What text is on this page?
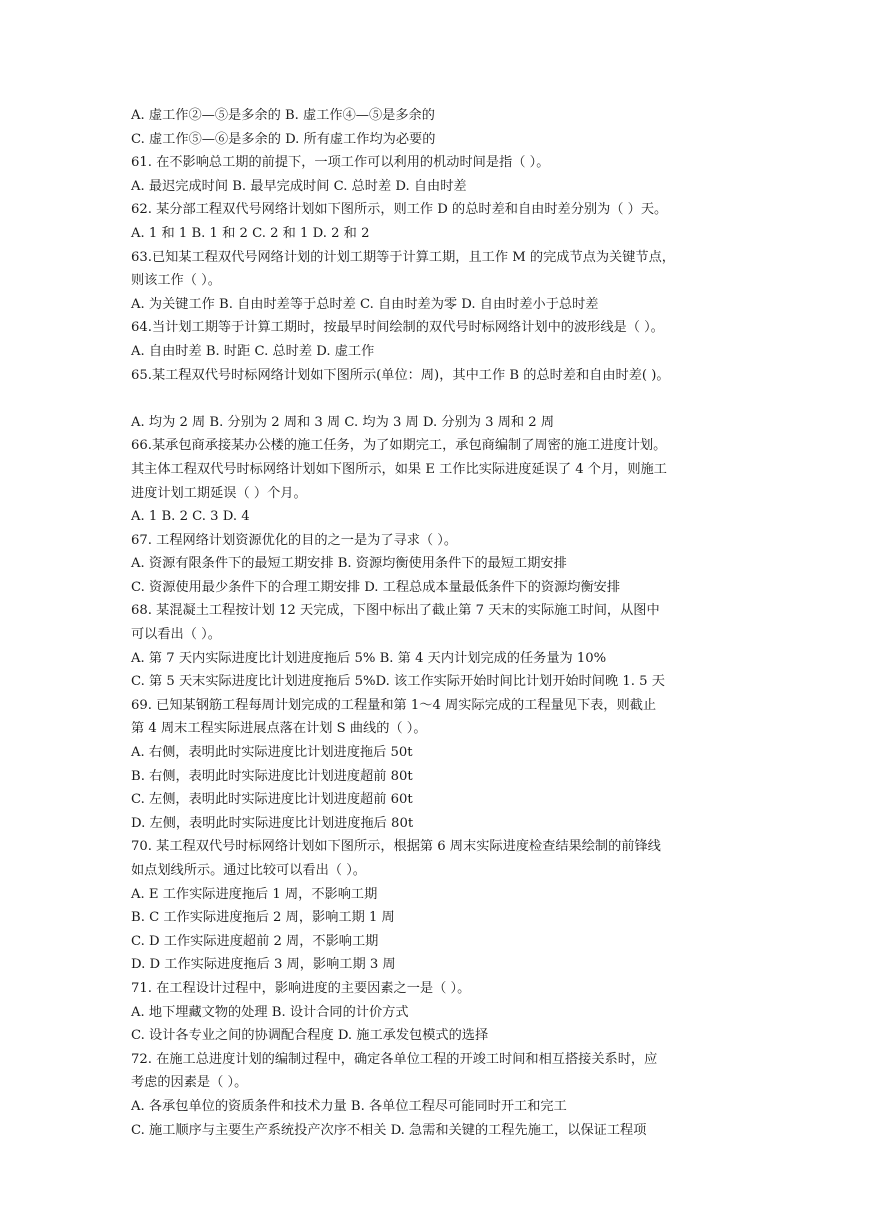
A. 虚工作②—⑤是多余的 B. 虚工作④—⑤是多余的
C. 虚工作⑤—⑥是多余的 D. 所有虚工作均为必要的
61. 在不影响总工期的前提下，一项工作可以利用的机动时间是指（ ）。
A. 最迟完成时间 B. 最早完成时间 C. 总时差 D. 自由时差
62. 某分部工程双代号网络计划如下图所示，则工作 D 的总时差和自由时差分别为（ ）天。
A. 1 和 1 B. 1 和 2 C. 2 和 1 D. 2 和 2
63.已知某工程双代号网络计划的计划工期等于计算工期，且工作 M 的完成节点为关键节点，
则该工作（ ）。
A. 为关键工作 B. 自由时差等于总时差 C. 自由时差为零 D. 自由时差小于总时差
64.当计划工期等于计算工期时，按最早时间绘制的双代号时标网络计划中的波形线是（ ）。
A. 自由时差 B. 时距 C. 总时差 D. 虚工作
65.某工程双代号时标网络计划如下图所示(单位：周)，其中工作 B 的总时差和自由时差( )。
A. 均为 2 周 B. 分别为 2 周和 3 周 C. 均为 3 周 D. 分别为 3 周和 2 周
66.某承包商承接某办公楼的施工任务，为了如期完工，承包商编制了周密的施工进度计划。
其主体工程双代号时标网络计划如下图所示，如果 E 工作比实际进度延误了 4 个月，则施工
进度计划工期延误（ ）个月。
A. 1 B. 2 C. 3 D. 4
67. 工程网络计划资源优化的目的之一是为了寻求（ ）。
A. 资源有限条件下的最短工期安排 B. 资源均衡使用条件下的最短工期安排
C. 资源使用最少条件下的合理工期安排 D. 工程总成本量最低条件下的资源均衡安排
68. 某混凝土工程按计划 12 天完成，下图中标出了截止第 7 天末的实际施工时间，从图中
可以看出（ ）。
A. 第 7 天内实际进度比计划进度拖后 5% B. 第 4 天内计划完成的任务量为 10%
C. 第 5 天末实际进度比计划进度拖后 5%D. 该工作实际开始时间比计划开始时间晚 1. 5 天
69. 已知某钢筋工程每周计划完成的工程量和第 1～4 周实际完成的工程量见下表，则截止
第 4 周末工程实际进展点落在计划 S 曲线的（ ）。
A. 右侧，表明此时实际进度比计划进度拖后 50t
B. 右侧，表明此时实际进度比计划进度超前 80t
C. 左侧，表明此时实际进度比计划进度超前 60t
D. 左侧，表明此时实际进度比计划进度拖后 80t
70. 某工程双代号时标网络计划如下图所示，根据第 6 周末实际进度检查结果绘制的前锋线
如点划线所示。通过比较可以看出（ ）。
A. E 工作实际进度拖后 1 周，不影响工期
B. C 工作实际进度拖后 2 周，影响工期 1 周
C. D 工作实际进度超前 2 周，不影响工期
D. D 工作实际进度拖后 3 周，影响工期 3 周
71. 在工程设计过程中，影响进度的主要因素之一是（ ）。
A. 地下埋藏文物的处理 B. 设计合同的计价方式
C. 设计各专业之间的协调配合程度 D. 施工承发包模式的选择
72. 在施工总进度计划的编制过程中，确定各单位工程的开竣工时间和相互搭接关系时，应
考虑的因素是（ ）。
A. 各承包单位的资质条件和技术力量 B. 各单位工程尽可能同时开工和完工
C. 施工顺序与主要生产系统投产次序不相关 D. 急需和关键的工程先施工，以保证工程项
